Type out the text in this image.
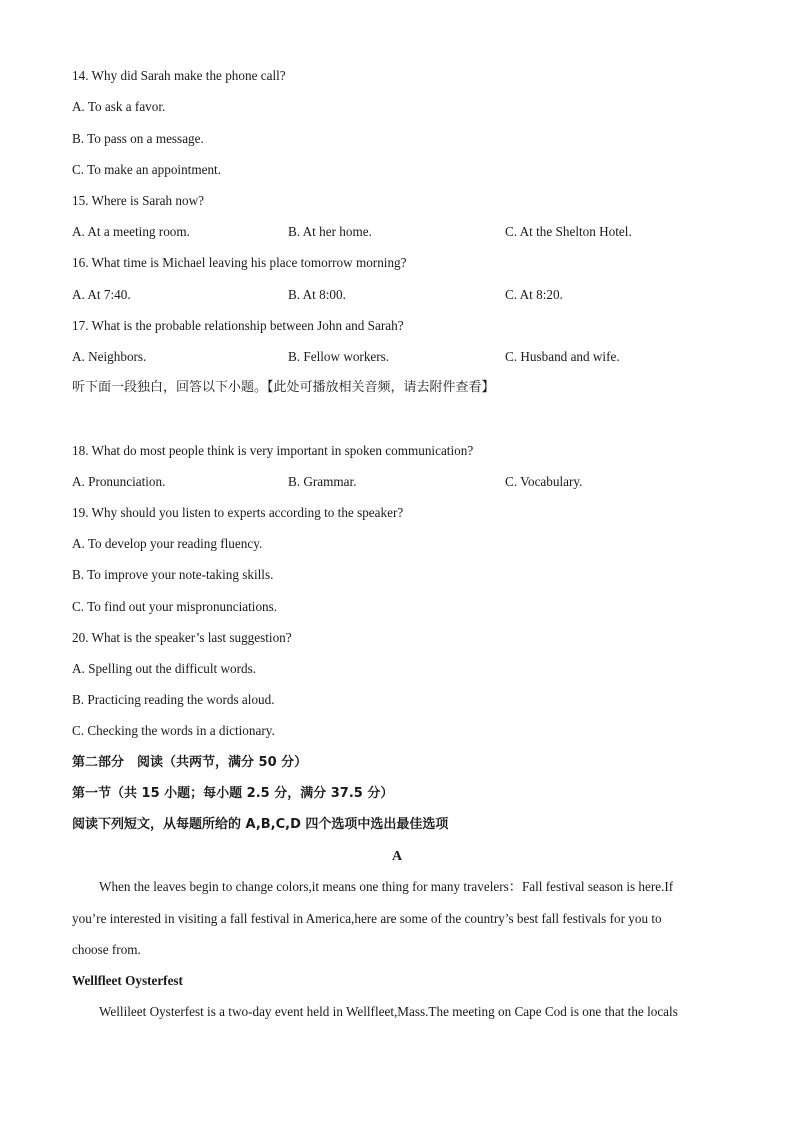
14. Why did Sarah make the phone call?
A. To ask a favor.
B. To pass on a message.
C. To make an appointment.
15. Where is Sarah now?
A. At a meeting room.	B. At her home.	C. At the Shelton Hotel.
16. What time is Michael leaving his place tomorrow morning?
A. At 7:40.	B. At 8:00.	C. At 8:20.
17. What is the probable relationship between John and Sarah?
A. Neighbors.	B. Fellow workers.	C. Husband and wife.
听下面一段独白，回答以下小题。【此处可播放相关音频，请去附件查看】
18. What do most people think is very important in spoken communication?
A. Pronunciation.	B. Grammar.	C. Vocabulary.
19. Why should you listen to experts according to the speaker?
A. To develop your reading fluency.
B. To improve your note-taking skills.
C. To find out your mispronunciations.
20. What is the speaker’s last suggestion?
A. Spelling out the difficult words.
B. Practicing reading the words aloud.
C. Checking the words in a dictionary.
第二部分　阅读（共两节，满分 50 分）
第一节（共 15 小题；每小题 2.5 分，满分 37.5 分）
阅读下列短文，从每题所给的 A,B,C,D 四个选项中选出最佳选项
A
When the leaves begin to change colors,it means one thing for many travelers：Fall festival season is here.If
you’re interested in visiting a fall festival in America,here are some of the country’s best fall festivals for you to
choose from.
Wellfleet Oysterfest
Wellileet Oysterfest is a two-day event held in Wellfleet,Mass.The meeting on Cape Cod is one that the locals
